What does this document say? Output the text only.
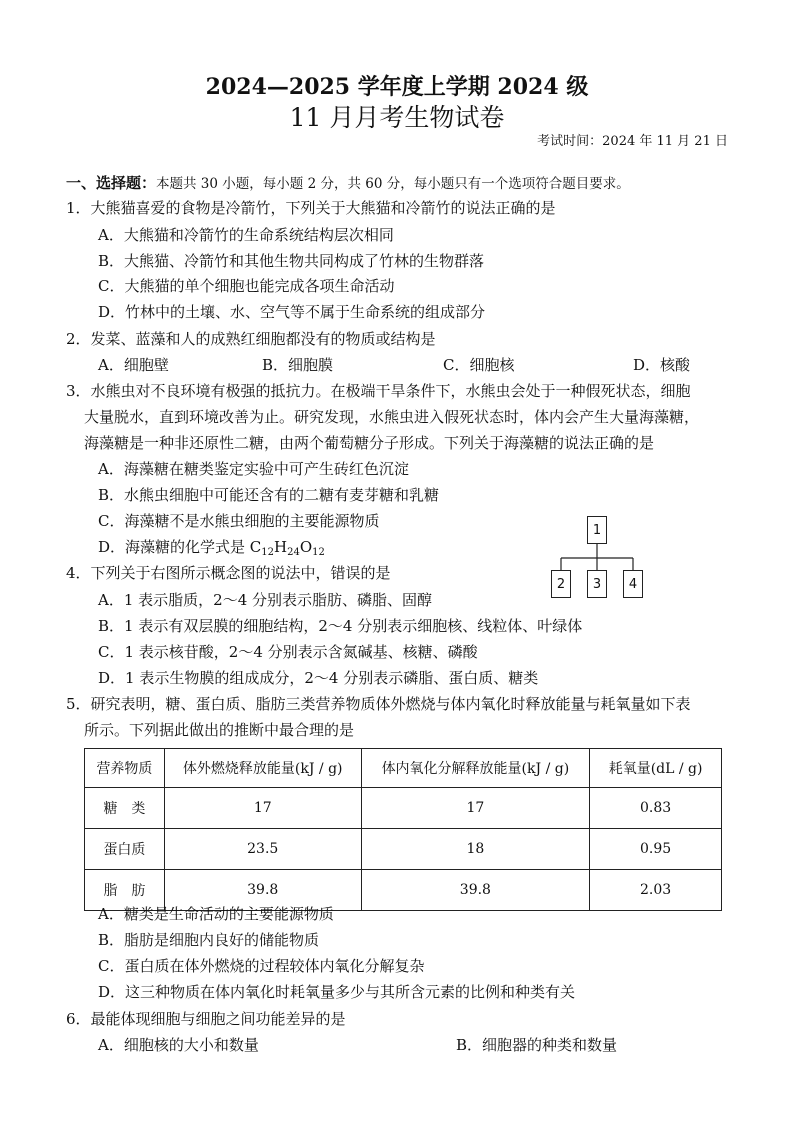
2024—2025 学年度上学期 2024 级
11 月月考生物试卷
考试时间：2024 年 11 月 21 日
一、选择题：本题共 30 小题，每小题 2 分，共 60 分，每小题只有一个选项符合题目要求。
1．大熊猫喜爱的食物是冷箭竹，下列关于大熊猫和冷箭竹的说法正确的是
A．大熊猫和冷箭竹的生命系统结构层次相同
B．大熊猫、冷箭竹和其他生物共同构成了竹林的生物群落
C．大熊猫的单个细胞也能完成各项生命活动
D．竹林中的土壤、水、空气等不属于生命系统的组成部分
2．发菜、蓝藻和人的成熟红细胞都没有的物质或结构是
A．细胞壁	B．细胞膜	C．细胞核	D．核酸
3．水熊虫对不良环境有极强的抵抗力。在极端干旱条件下，水熊虫会处于一种假死状态，细胞
大量脱水，直到环境改善为止。研究发现，水熊虫进入假死状态时，体内会产生大量海藻糖，
海藻糖是一种非还原性二糖，由两个葡萄糖分子形成。下列关于海藻糖的说法正确的是
A．海藻糖在糖类鉴定实验中可产生砖红色沉淀
B．水熊虫细胞中可能还含有的二糖有麦芽糖和乳糖
C．海藻糖不是水熊虫细胞的主要能源物质
D．海藻糖的化学式是 $C_{12}H_{24}O_{12}$
1
2	3	4
4．下列关于右图所示概念图的说法中，错误的是
A．1 表示脂质，2～4 分别表示脂肪、磷脂、固醇
B．1 表示有双层膜的细胞结构，2～4 分别表示细胞核、线粒体、叶绿体
C．1 表示核苷酸，2～4 分别表示含氮碱基、核糖、磷酸
D．1 表示生物膜的组成成分，2～4 分别表示磷脂、蛋白质、糖类
5．研究表明，糖、蛋白质、脂肪三类营养物质体外燃烧与体内氧化时释放能量与耗氧量如下表
所示。下列据此做出的推断中最合理的是
营养物质	体外燃烧释放能量(kJ / g)	体内氧化分解释放能量(kJ / g)	耗氧量(dL / g)
糖　类	17	17	0.83
蛋白质	23.5	18	0.95
脂　肪	39.8	39.8	2.03
A．糖类是生命活动的主要能源物质
B．脂肪是细胞内良好的储能物质
C．蛋白质在体外燃烧的过程较体内氧化分解复杂
D．这三种物质在体内氧化时耗氧量多少与其所含元素的比例和种类有关
6．最能体现细胞与细胞之间功能差异的是
A．细胞核的大小和数量	B．细胞器的种类和数量
